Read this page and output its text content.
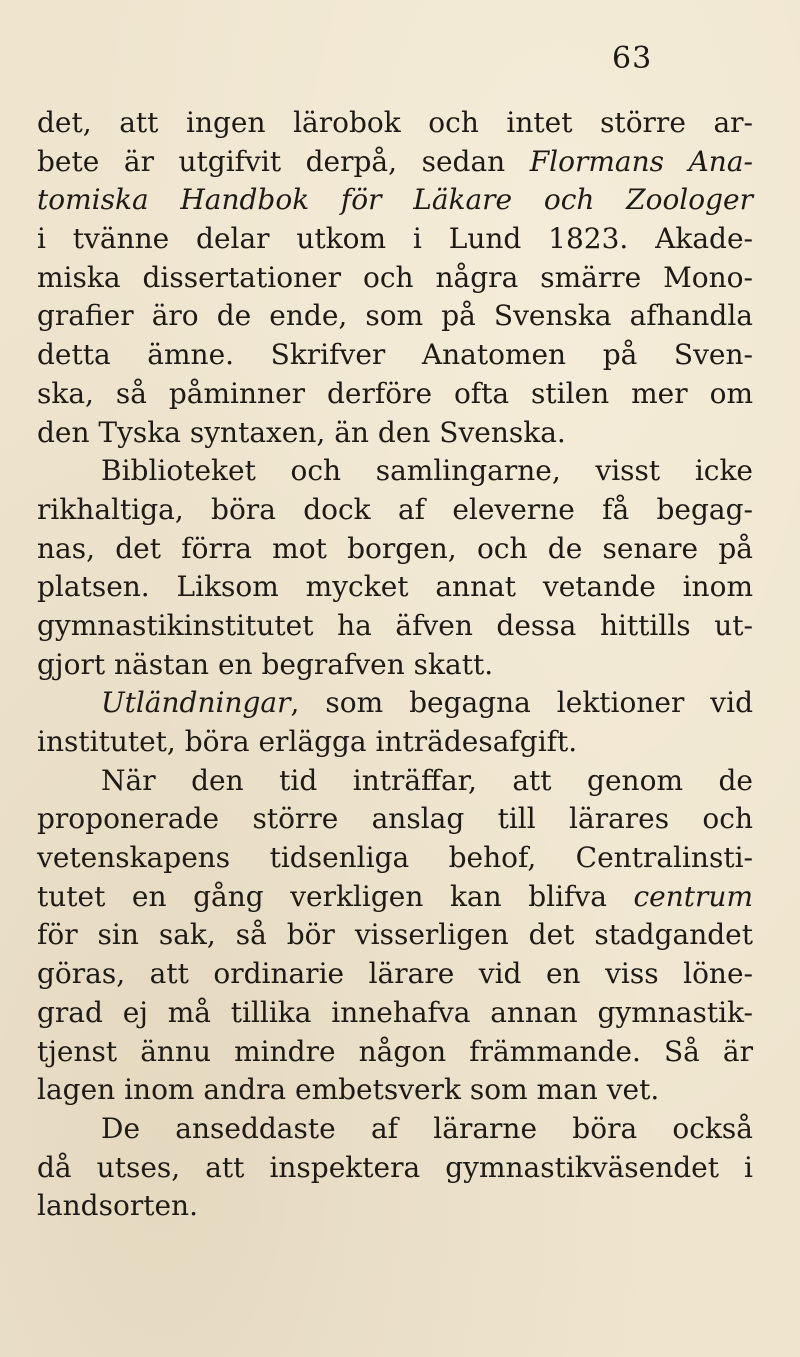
63
det, att ingen lärobok och intet större ar-
bete är utgifvit derpå, sedan Flormans Ana-
tomiska Handbok för Läkare och Zoologer
i tvänne delar utkom i Lund 1823. Akade-
miska dissertationer och några smärre Mono-
grafier äro de ende, som på Svenska afhandla
detta ämne. Skrifver Anatomen på Sven-
ska, så påminner derföre ofta stilen mer om
den Tyska syntaxen, än den Svenska.
Biblioteket och samlingarne, visst icke
rikhaltiga, böra dock af eleverne få begag-
nas, det förra mot borgen, och de senare på
platsen. Liksom mycket annat vetande inom
gymnastikinstitutet ha äfven dessa hittills ut-
gjort nästan en begrafven skatt.
Utländningar, som begagna lektioner vid
institutet, böra erlägga inträdesafgift.
När den tid inträffar, att genom de
proponerade större anslag till lärares och
vetenskapens tidsenliga behof, Centralinsti-
tutet en gång verkligen kan blifva centrum
för sin sak, så bör visserligen det stadgandet
göras, att ordinarie lärare vid en viss löne-
grad ej må tillika innehafva annan gymnastik-
tjenst ännu mindre någon främmande. Så är
lagen inom andra embetsverk som man vet.
De anseddaste af lärarne böra också
då utses, att inspektera gymnastikväsendet i
landsorten.
